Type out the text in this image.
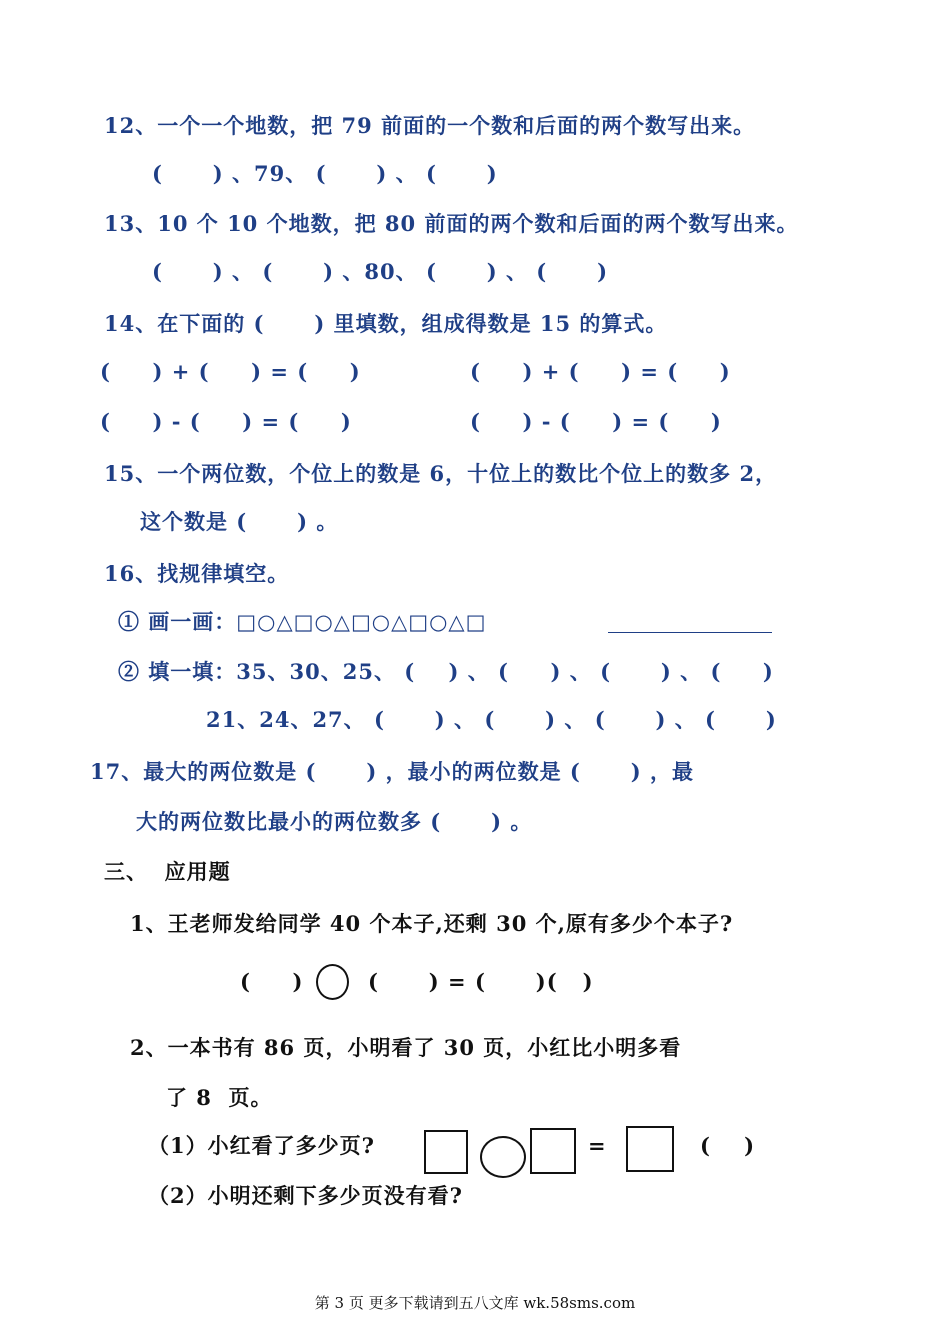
12、一个一个地数，把 79 前面的一个数和后面的两个数写出来。
(      ) 、79、 (      ) 、 (      )
13、10 个 10 个地数，把 80 前面的两个数和后面的两个数写出来。
(      ) 、 (      ) 、80、 (      ) 、 (      )
14、在下面的 (      ) 里填数，组成得数是 15 的算式。
(     ) + (     ) = (     )	(     ) + (     ) = (     )
(     ) - (     ) = (     )	(     ) - (     ) = (     )
15、一个两位数，个位上的数是 6，十位上的数比个位上的数多 2，
这个数是 (      ) 。
16、找规律填空。
① 画一画：□○△□○△□○△□○△□
② 填一填：35、30、25、 (    ) 、 (     ) 、 (      ) 、 (     )
21、24、27、 (      ) 、 (      ) 、 (      ) 、 (      )
17、最大的两位数是 (      ) ，最小的两位数是 (      ) ，最
大的两位数比最小的两位数多 (      ) 。
三、  应用题
1、王老师发给同学 40 个本子,还剩 30 个,原有多少个本子?
(     )	(      ) = (      )(   )
2、一本书有 86 页，小明看了 30 页，小红比小明多看
了 8  页。
（1）小红看了多少页?	=	(    )
（2）小明还剩下多少页没有看?
第 3 页 更多下载请到五八文库 wk.58sms.com
